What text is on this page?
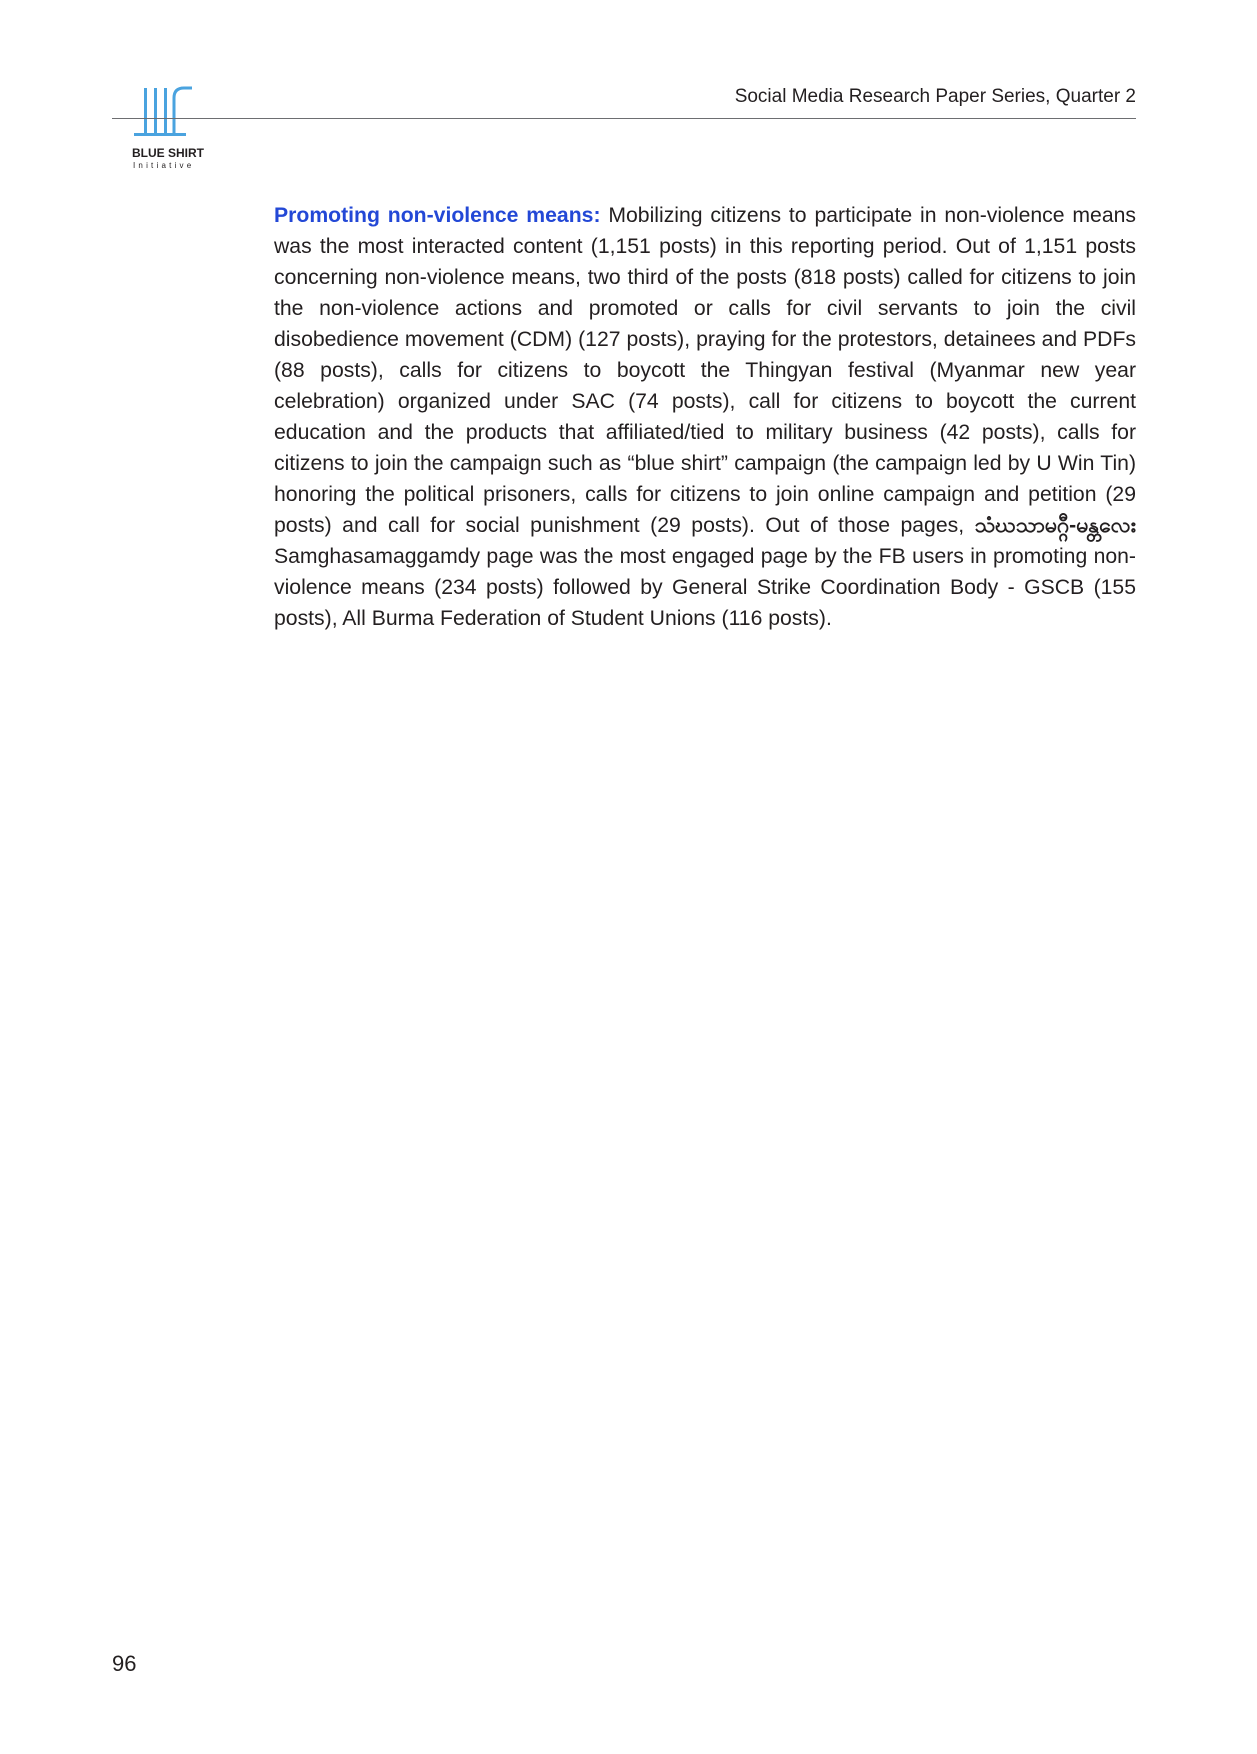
BLUE SHIRT
Initiative
Social Media Research Paper Series, Quarter 2
Promoting non-violence means: Mobilizing citizens to participate in non-violence means was the most interacted content (1,151 posts) in this reporting period. Out of 1,151 posts concerning non-violence means, two third of the posts (818 posts) called for citizens to join the non-violence actions and promoted or calls for civil servants to join the civil disobedience movement (CDM) (127 posts), praying for the protestors, detainees and PDFs (88 posts), calls for citizens to boycott the Thingyan festival (Myanmar new year celebration) organized under SAC (74 posts), call for citizens to boycott the current education and the products that affiliated/tied to military business (42 posts), calls for citizens to join the campaign such as “blue shirt” campaign (the campaign led by U Win Tin) honoring the political prisoners, calls for citizens to join online campaign and petition (29 posts) and call for social punishment (29 posts). Out of those pages, သံဃသာမဂ္ဂီ-မန္တလေး Samghasamaggamdy page was the most engaged page by the FB users in promoting non-violence means (234 posts) followed by General Strike Coordination Body - GSCB (155 posts), All Burma Federation of Student Unions (116 posts).
96
